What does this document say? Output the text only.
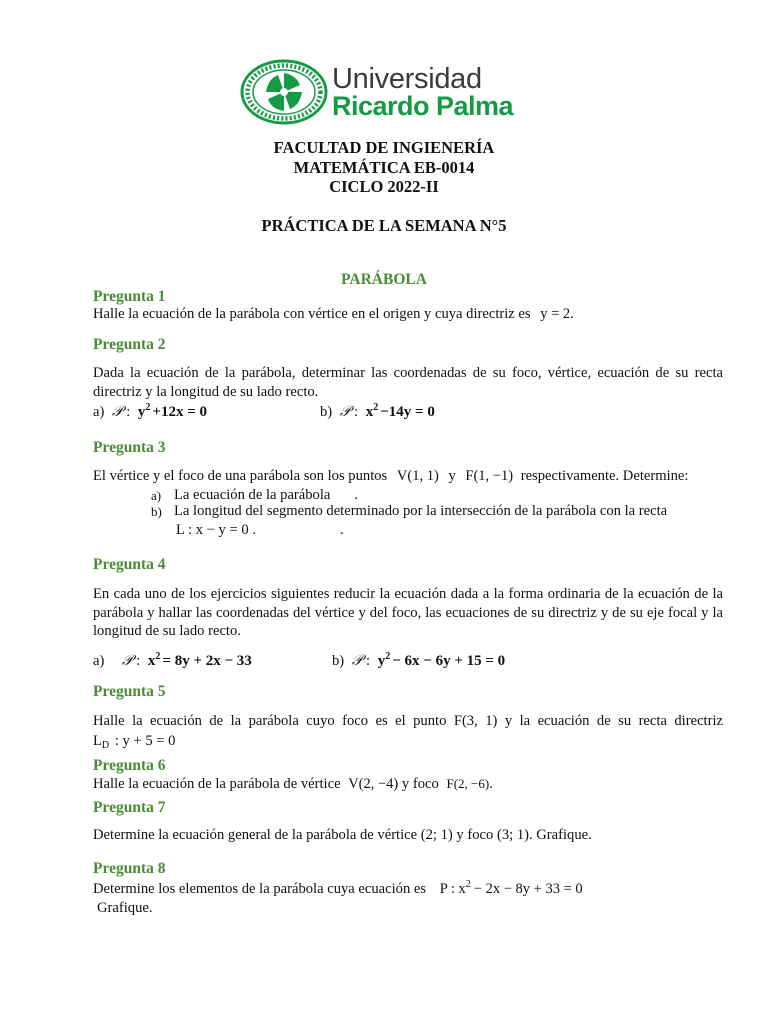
Universidad
Ricardo Palma
FACULTAD DE INGIENERÍA
MATEMÁTICA EB-0014
CICLO 2022-II
PRÁCTICA DE LA SEMANA N°5
PARÁBOLA
Pregunta 1
Halle la ecuación de la parábola con vértice en el origen y cuya directriz es y = 2.
Pregunta 2
Dada la ecuación de la parábola, determinar las coordenadas de su foco, vértice, ecuación de su recta directriz y la longitud de su lado recto.
a) 𝒫 : $y^2 +12x = 0$	b) 𝒫 : $x^2 -14y = 0$
Pregunta 3
El vértice y el foco de una parábola son los puntos V(1, 1) y F(1, −1) respectivamente. Determine:
a) La ecuación de la parábola .
b) La longitud del segmento determinado por la intersección de la parábola con la recta
L : x − y = 0 .	.
Pregunta 4
En cada uno de los ejercicios siguientes reducir la ecuación dada a la forma ordinaria de la ecuación de la parábola y hallar las coordenadas del vértice y del foco, las ecuaciones de su directriz y de su eje focal y la longitud de su lado recto.
a) 𝒫 : $x^2 = 8y + 2x - 33$	b) 𝒫 : $y^2 - 6x - 6y + 15 = 0$
Pregunta 5
Halle la ecuación de la parábola cuyo foco es el punto F(3, 1) y la ecuación de su recta directriz
$L_D$ : y + 5 = 0
Pregunta 6
Halle la ecuación de la parábola de vértice V(2, −4) y foco F(2, −6).
Pregunta 7
Determine la ecuación general de la parábola de vértice (2; 1) y foco (3; 1). Grafique.
Pregunta 8
Determine los elementos de la parábola cuya ecuación es P : $x^2 - 2x - 8y + 33 = 0$
Grafique.
